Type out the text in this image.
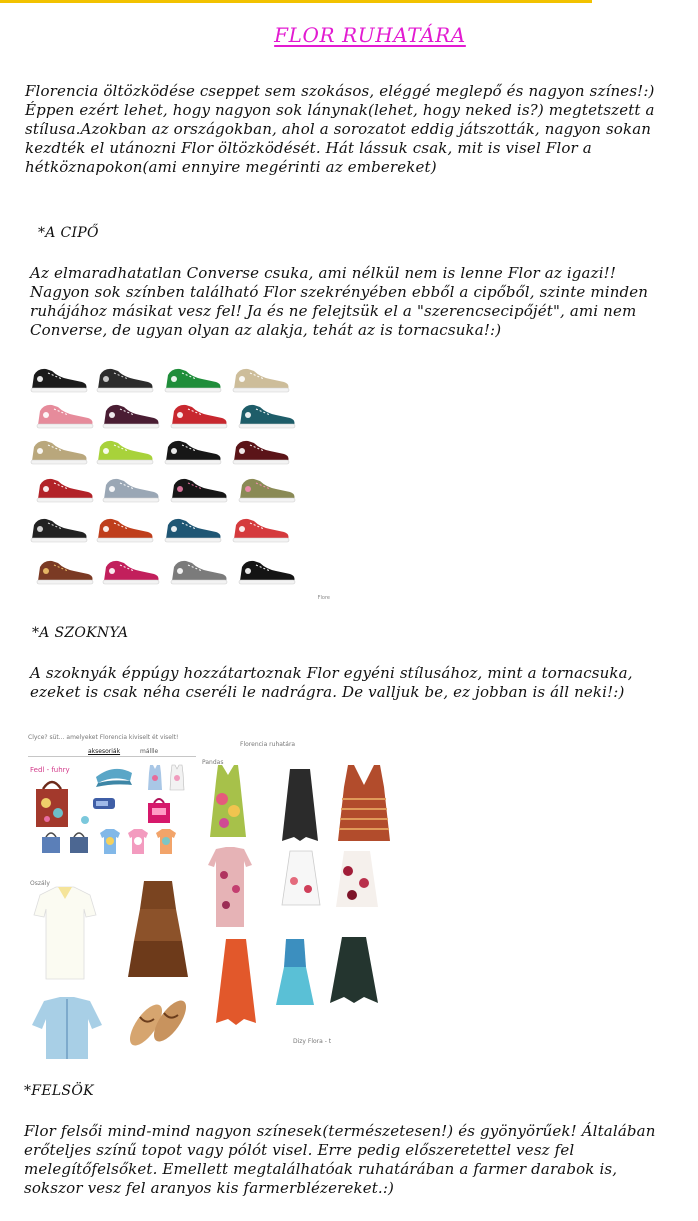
FLOR RUHATÁRA
Florencia öltözködése cseppet sem szokásos, eléggé meglepő és nagyon színes!:) Éppen ezért lehet, hogy nagyon sok lánynak(lehet, hogy neked is?) megtetszett a stílusa.Azokban az országokban, ahol a sorozatot eddig játszották, nagyon sokan kezdték el utánozni Flor öltözködését. Hát lássuk csak, mit is visel Flor a hétköznapokon(ami ennyire megérinti az embereket)
*A CIPŐ
Az elmaradhatatlan Converse csuka, ami nélkül nem is lenne Flor az igazi!! Nagyon sok színben található Flor szekrényében ebből a cipőből, szinte minden ruhájához másikat vesz fel! Ja és ne felejtsük el a "szerencsecipőjét", ami nem Converse, de ugyan olyan az alakja, tehát az is tornacsuka!:)
Flore
*A SZOKNYA
A szoknyák éppúgy hozzátartoznak Flor egyéni stílusához, mint a tornacsuka, ezeket is csak néha cseréli le nadrágra. De valljuk be, ez jobban is áll neki!:)
Clyce? süt... amelyeket Florencia kiviselt ét viselt!
aksesoriák	mállle
Florencia ruhatára
Fedl - fuhry
Pandas
Oszály
Dizy Flora - t
*FELSÖK
Flor felsői mind-mind nagyon színesek(természetesen!) és gyönyörűek! Általában erőteljes színű topot vagy pólót visel. Erre pedig előszeretettel vesz fel melegítőfelsőket. Emellett megtalálhatóak ruhatárában a farmer darabok is, sokszor vesz fel aranyos kis farmerblézereket.:)
